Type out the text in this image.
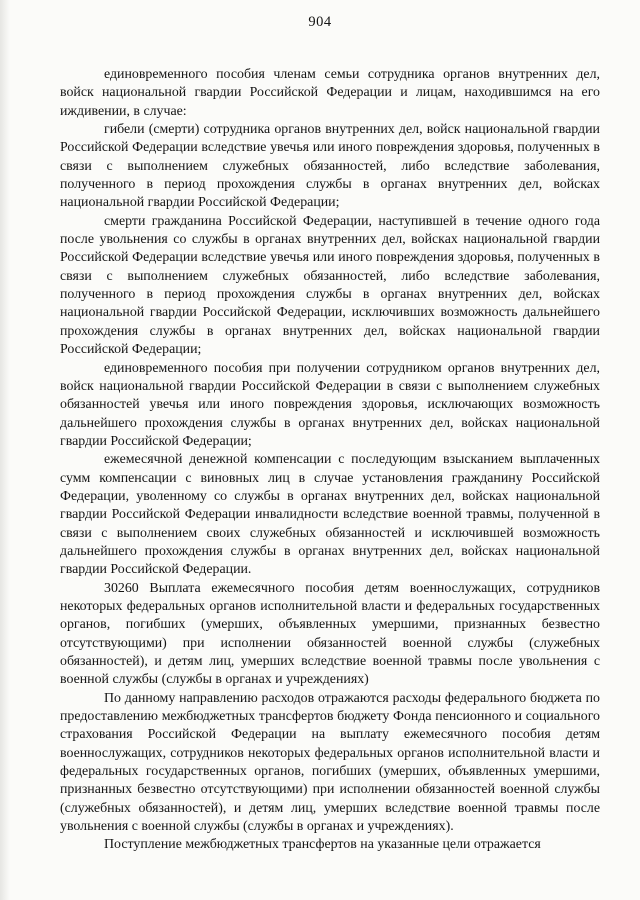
904

единовременного пособия членам семьи сотрудника органов внутренних дел, войск национальной гвардии Российской Федерации и лицам, находившимся на его иждивении, в случае:

гибели (смерти) сотрудника органов внутренних дел, войск национальной гвардии Российской Федерации вследствие увечья или иного повреждения здоровья, полученных в связи с выполнением служебных обязанностей, либо вследствие заболевания, полученного в период прохождения службы в органах внутренних дел, войсках национальной гвардии Российской Федерации;

смерти гражданина Российской Федерации, наступившей в течение одного года после увольнения со службы в органах внутренних дел, войсках национальной гвардии Российской Федерации вследствие увечья или иного повреждения здоровья, полученных в связи с выполнением служебных обязанностей, либо вследствие заболевания, полученного в период прохождения службы в органах внутренних дел, войсках национальной гвардии Российской Федерации, исключивших возможность дальнейшего прохождения службы в органах внутренних дел, войсках национальной гвардии Российской Федерации;

единовременного пособия при получении сотрудником органов внутренних дел, войск национальной гвардии Российской Федерации в связи с выполнением служебных обязанностей увечья или иного повреждения здоровья, исключающих возможность дальнейшего прохождения службы в органах внутренних дел, войсках национальной гвардии Российской Федерации;

ежемесячной денежной компенсации с последующим взысканием выплаченных сумм компенсации с виновных лиц в случае установления гражданину Российской Федерации, уволенному со службы в органах внутренних дел, войсках национальной гвардии Российской Федерации инвалидности вследствие военной травмы, полученной в связи с выполнением своих служебных обязанностей и исключившей возможность дальнейшего прохождения службы в органах внутренних дел, войсках национальной гвардии Российской Федерации.

30260 Выплата ежемесячного пособия детям военнослужащих, сотрудников некоторых федеральных органов исполнительной власти и федеральных государственных органов, погибших (умерших, объявленных умершими, признанных безвестно отсутствующими) при исполнении обязанностей военной службы (служебных обязанностей), и детям лиц, умерших вследствие военной травмы после увольнения с военной службы (службы в органах и учреждениях)

По данному направлению расходов отражаются расходы федерального бюджета по предоставлению межбюджетных трансфертов бюджету Фонда пенсионного и социального страхования Российской Федерации на выплату ежемесячного пособия детям военнослужащих, сотрудников некоторых федеральных органов исполнительной власти и федеральных государственных органов, погибших (умерших, объявленных умершими, признанных безвестно отсутствующими) при исполнении обязанностей военной службы (служебных обязанностей), и детям лиц, умерших вследствие военной травмы после увольнения с военной службы (службы в органах и учреждениях).

Поступление межбюджетных трансфертов на указанные цели отражается
